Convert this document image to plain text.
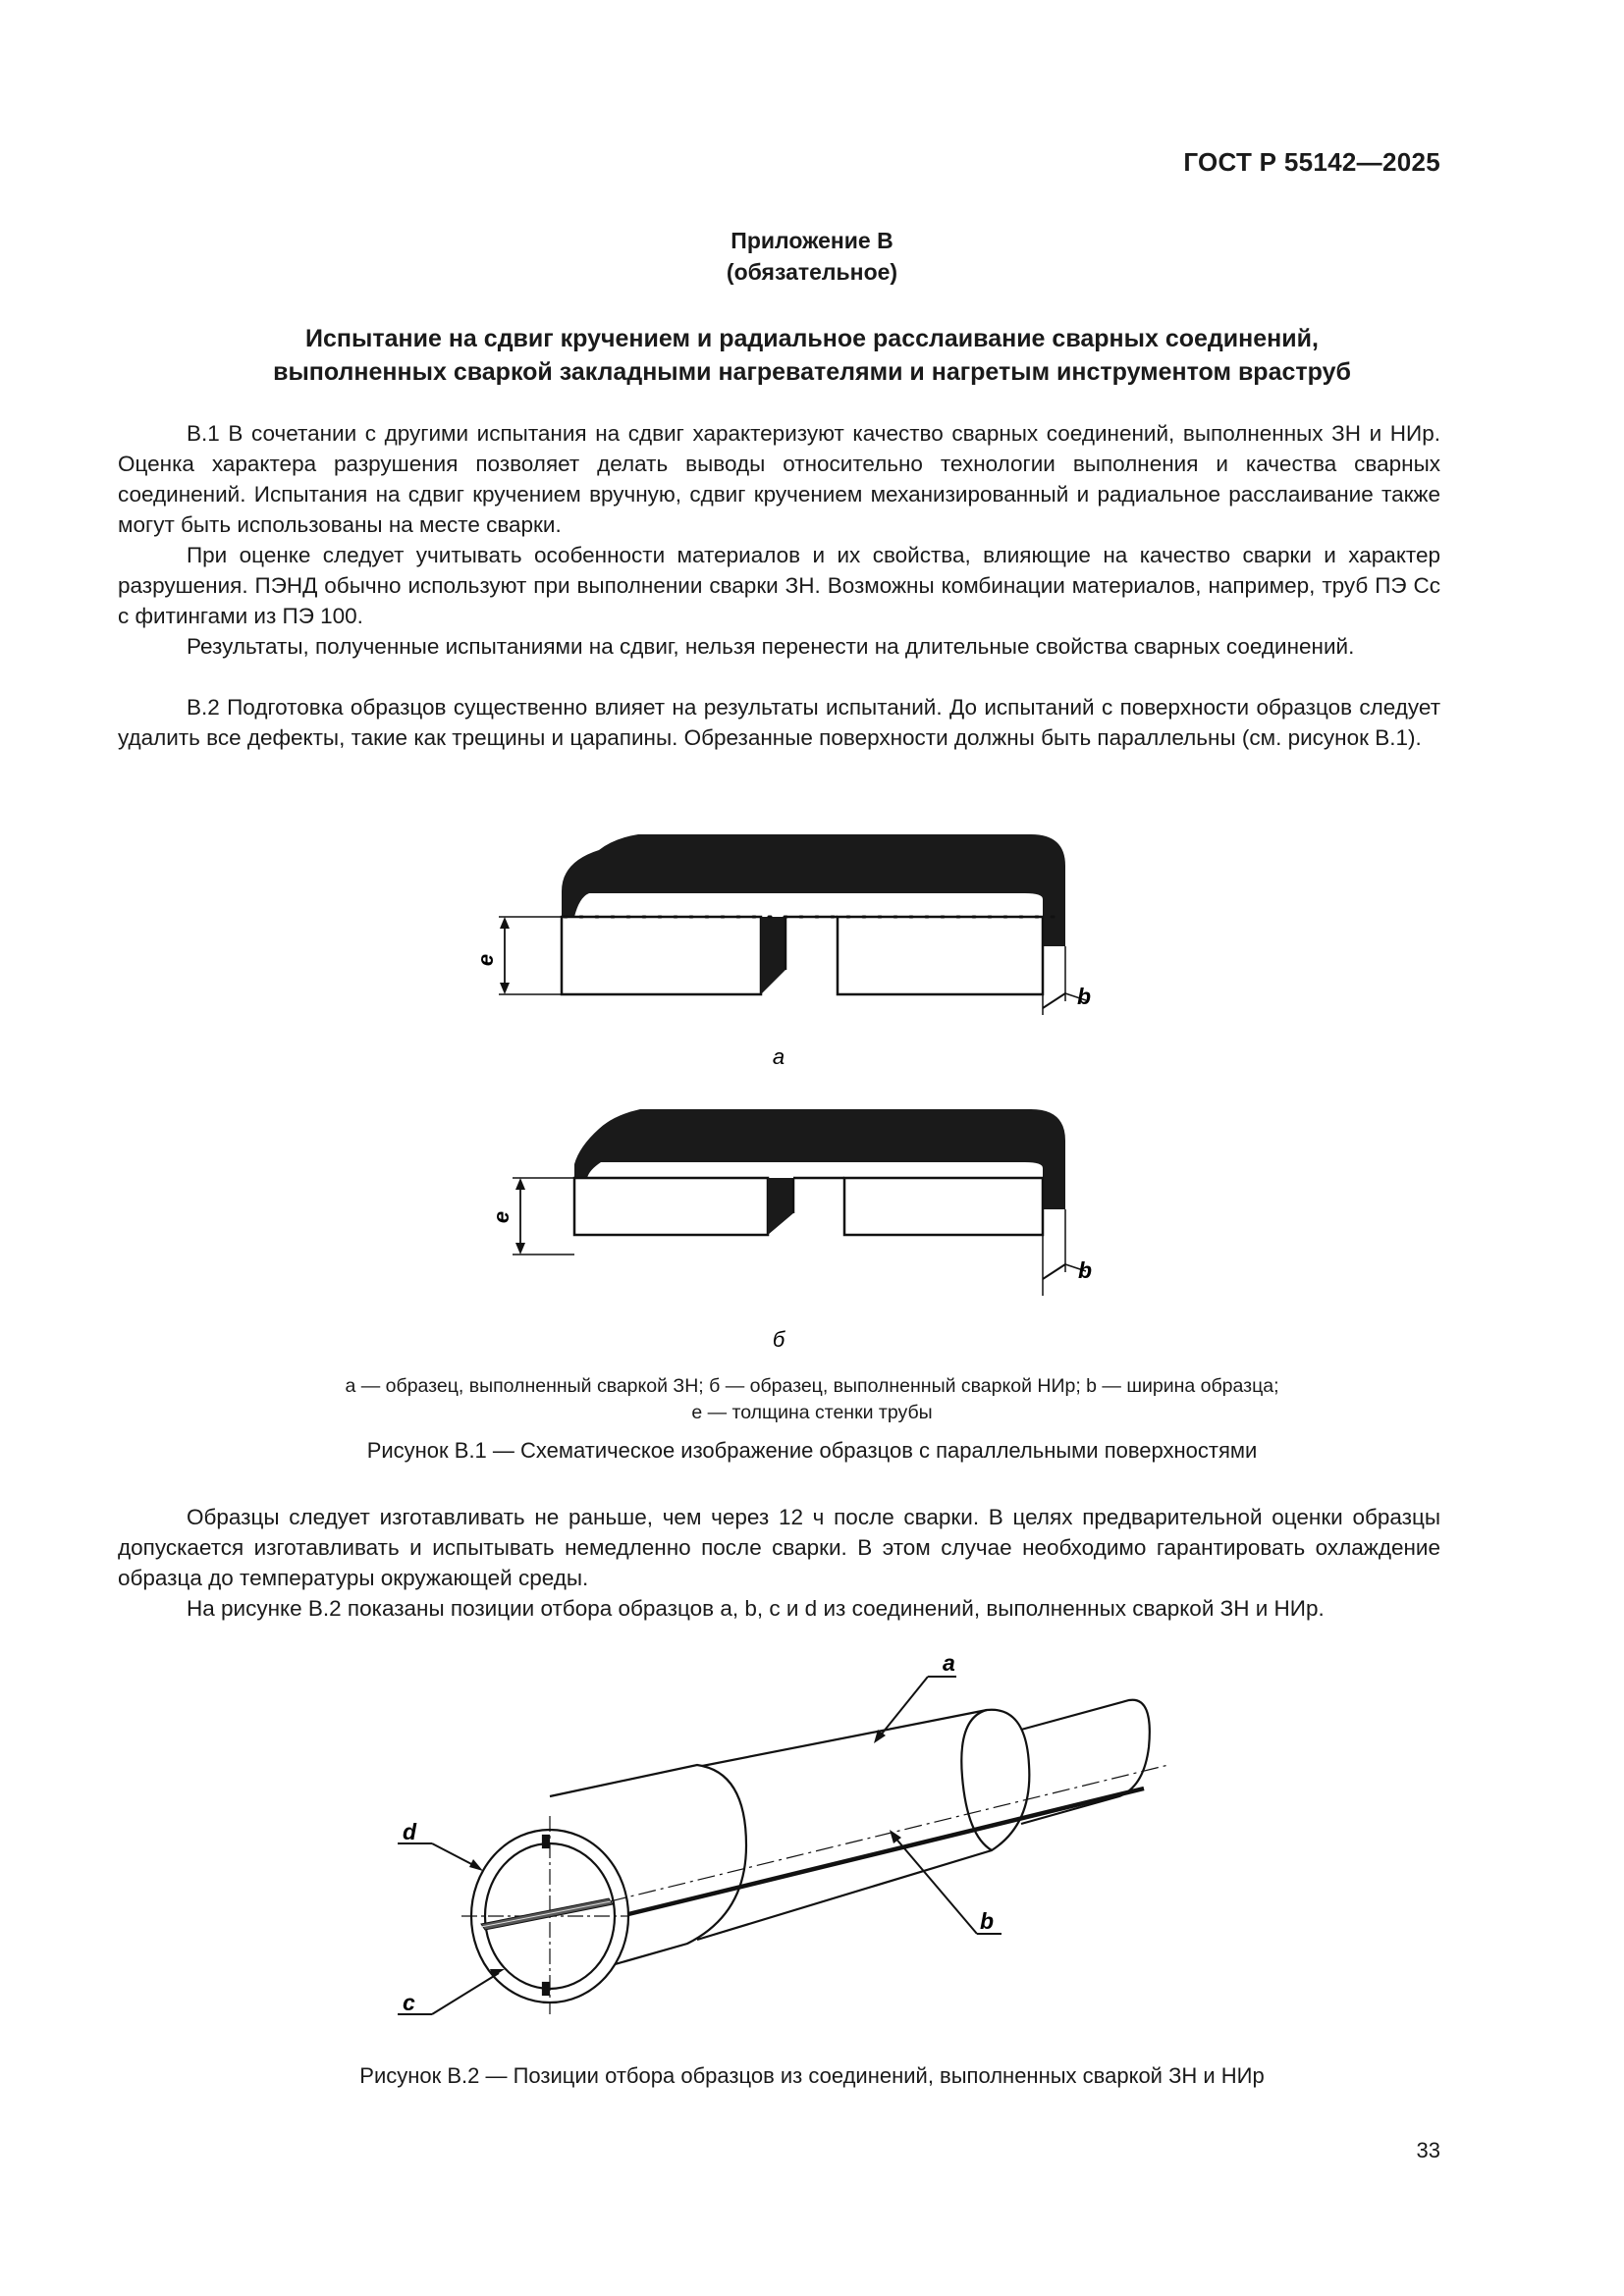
ГОСТ Р 55142—2025
Приложение В
(обязательное)
Испытание на сдвиг кручением и радиальное расслаивание сварных соединений,
выполненных сваркой закладными нагревателями и нагретым инструментом враструб

В.1 В сочетании с другими испытания на сдвиг характеризуют качество сварных соединений, выполненных ЗН и НИр. Оценка характера разрушения позволяет делать выводы относительно технологии выполнения и качества сварных соединений. Испытания на сдвиг кручением вручную, сдвиг кручением механизированный и радиальное расслаивание также могут быть использованы на месте сварки.

При оценке следует учитывать особенности материалов и их свойства, влияющие на качество сварки и характер разрушения. ПЭНД обычно используют при выполнении сварки ЗН. Возможны комбинации материалов, например, труб ПЭ Сс с фитингами из ПЭ 100.

Результаты, полученные испытаниями на сдвиг, нельзя перенести на длительные свойства сварных соединений.

В.2 Подготовка образцов существенно влияет на результаты испытаний. До испытаний с поверхности образцов следует удалить все дефекты, такие как трещины и царапины. Обрезанные поверхности должны быть параллельны (см. рисунок В.1).

e
b
а
e
b
б
а — образец, выполненный сваркой ЗН; б — образец, выполненный сваркой НИр; b — ширина образца;
е — толщина стенки трубы
Рисунок В.1 — Схематическое изображение образцов с параллельными поверхностями

Образцы следует изготавливать не раньше, чем через 12 ч после сварки. В целях предварительной оценки образцы допускается изготавливать и испытывать немедленно после сварки. В этом случае необходимо гарантировать охлаждение образца до температуры окружающей среды.

На рисунке В.2 показаны позиции отбора образцов a, b, c и d из соединений, выполненных сваркой ЗН и НИр.

a
b
c
d
Рисунок В.2 — Позиции отбора образцов из соединений, выполненных сваркой ЗН и НИр
33
